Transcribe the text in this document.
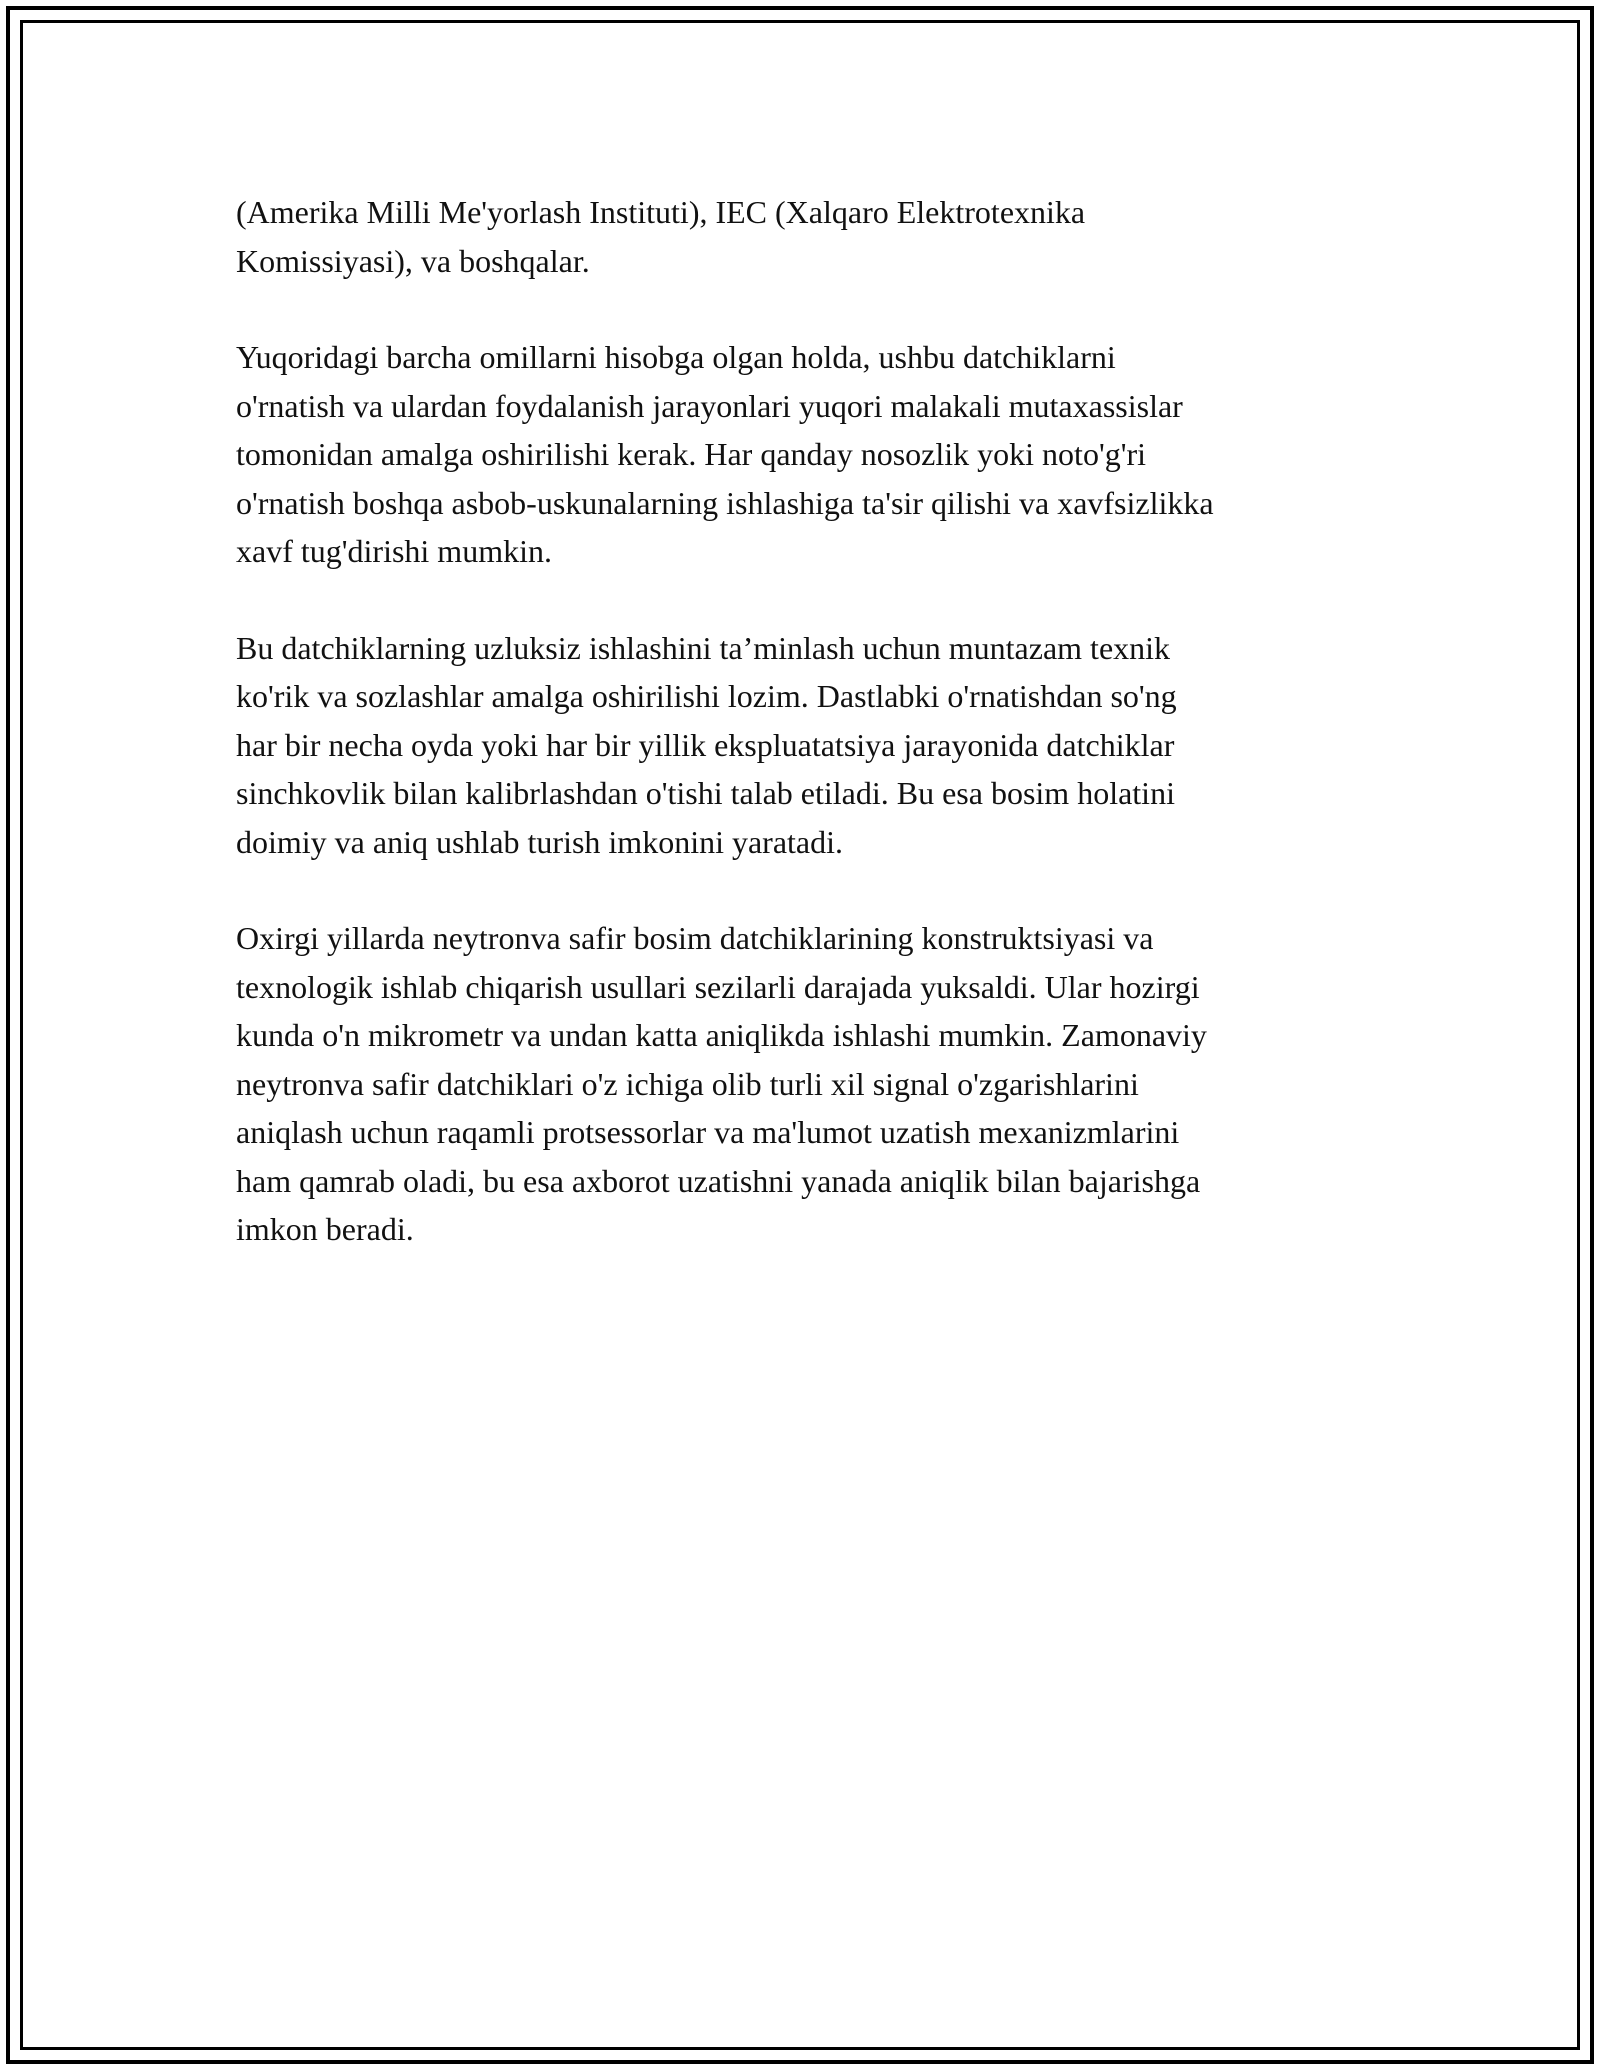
(Amerika Milli Me'yorlash Instituti), IEC (Xalqaro Elektrotexnika
Komissiyasi), va boshqalar.

Yuqoridagi barcha omillarni hisobga olgan holda, ushbu datchiklarni
o'rnatish va ulardan foydalanish jarayonlari yuqori malakali mutaxassislar
tomonidan amalga oshirilishi kerak. Har qanday nosozlik yoki noto'g'ri
o'rnatish boshqa asbob-uskunalarning ishlashiga ta'sir qilishi va xavfsizlikka
xavf tug'dirishi mumkin.

Bu datchiklarning uzluksiz ishlashini ta’minlash uchun muntazam texnik
ko'rik va sozlashlar amalga oshirilishi lozim. Dastlabki o'rnatishdan so'ng
har bir necha oyda yoki har bir yillik ekspluatatsiya jarayonida datchiklar
sinchkovlik bilan kalibrlashdan o'tishi talab etiladi. Bu esa bosim holatini
doimiy va aniq ushlab turish imkonini yaratadi.

Oxirgi yillarda neytronva safir bosim datchiklarining konstruktsiyasi va
texnologik ishlab chiqarish usullari sezilarli darajada yuksaldi. Ular hozirgi
kunda o'n mikrometr va undan katta aniqlikda ishlashi mumkin. Zamonaviy
neytronva safir datchiklari o'z ichiga olib turli xil signal o'zgarishlarini
aniqlash uchun raqamli protsessorlar va ma'lumot uzatish mexanizmlarini
ham qamrab oladi, bu esa axborot uzatishni yanada aniqlik bilan bajarishga
imkon beradi.
